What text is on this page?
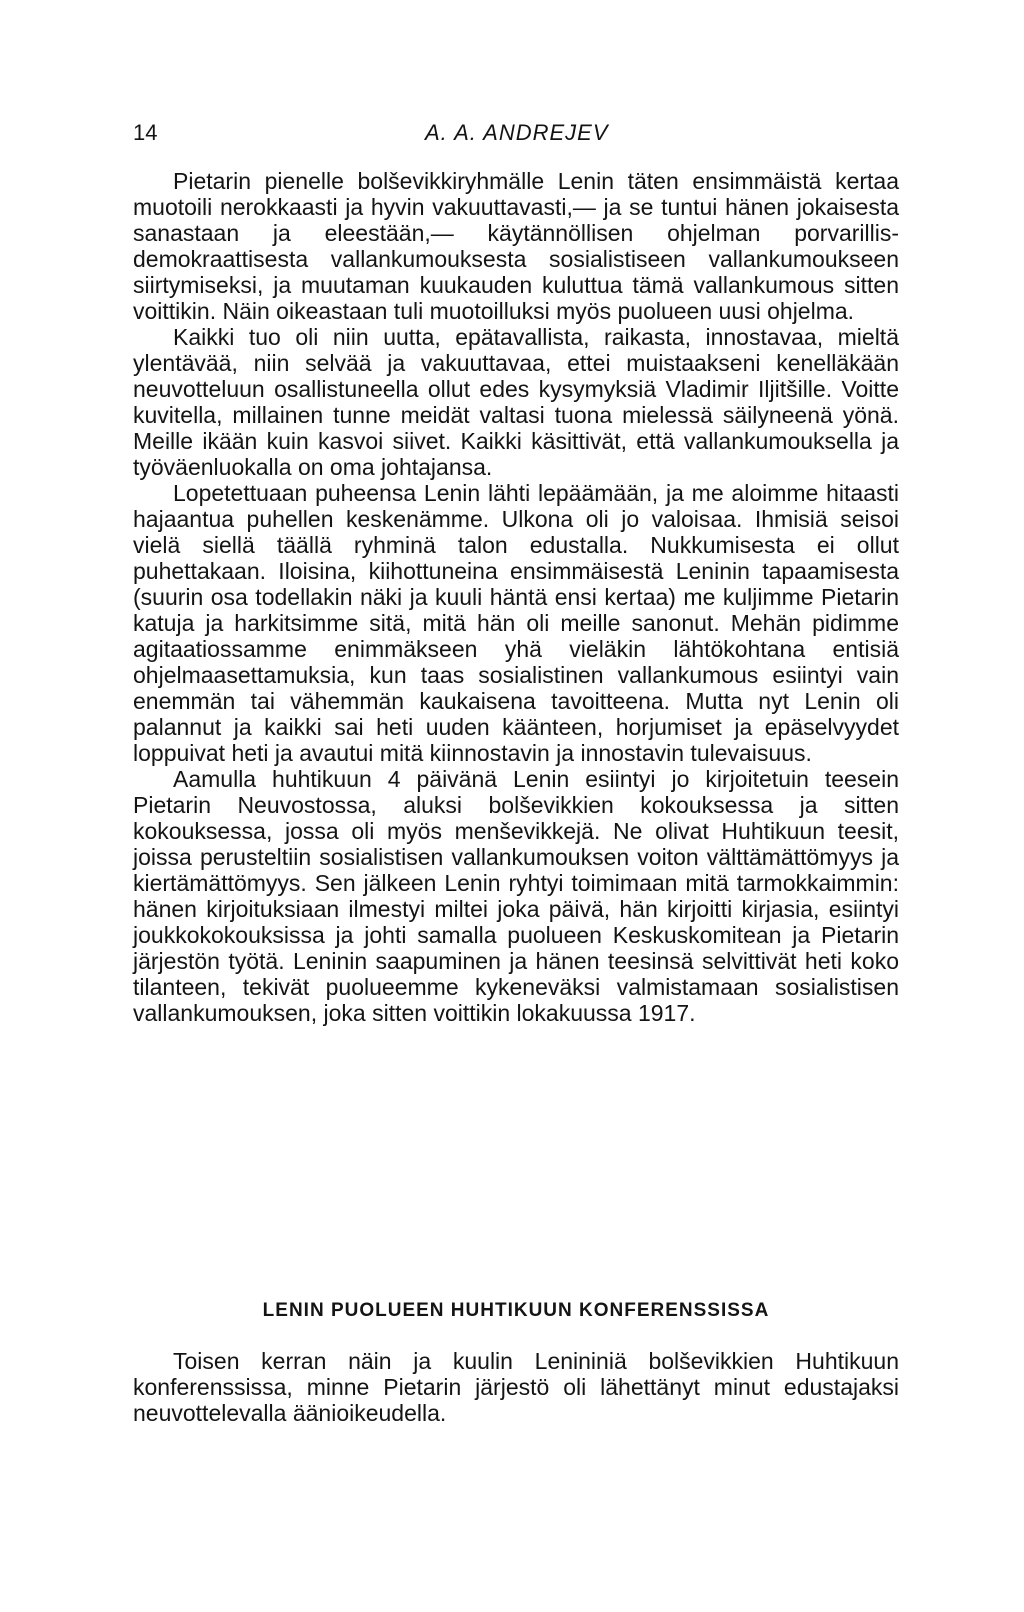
14	A. A. ANDREJEV

Pietarin pienelle bolševikkiryhmälle Lenin täten ensimmäistä kertaa muotoili nerokkaasti ja hyvin vakuuttavasti,— ja se tuntui hänen jokaisesta sanastaan ja eleestään,— käytännöllisen ohjelman porvarillis-demokraattisesta vallankumouksesta sosialistiseen vallankumoukseen siirtymiseksi, ja muutaman kuukauden kuluttua tämä vallankumous sitten voittikin. Näin oikeastaan tuli muotoilluksi myös puolueen uusi ohjelma.

Kaikki tuo oli niin uutta, epätavallista, raikasta, innostavaa, mieltä ylentävää, niin selvää ja vakuuttavaa, ettei muistaakseni kenelläkään neuvotteluun osallistuneella ollut edes kysymyksiä Vladimir Iljitšille. Voitte kuvitella, millainen tunne meidät valtasi tuona mielessä säilyneenä yönä. Meille ikään kuin kasvoi siivet. Kaikki käsittivät, että vallankumouksella ja työväenluokalla on oma johtajansa.

Lopetettuaan puheensa Lenin lähti lepäämään, ja me aloimme hitaasti hajaantua puhellen keskenämme. Ulkona oli jo valoisaa. Ihmisiä seisoi vielä siellä täällä ryhminä talon edustalla. Nukkumisesta ei ollut puhettakaan. Iloisina, kiihottuneina ensimmäisestä Leninin tapaamisesta (suurin osa todellakin näki ja kuuli häntä ensi kertaa) me kuljimme Pietarin katuja ja harkitsimme sitä, mitä hän oli meille sanonut. Mehän pidimme agitaatiossamme enimmäkseen yhä vieläkin lähtökohtana entisiä ohjelmaasettamuksia, kun taas sosialistinen vallankumous esiintyi vain enemmän tai vähemmän kaukaisena tavoitteena. Mutta nyt Lenin oli palannut ja kaikki sai heti uuden käänteen, horjumiset ja epäselvyydet loppuivat heti ja avautui mitä kiinnostavin ja innostavin tulevaisuus.

Aamulla huhtikuun 4 päivänä Lenin esiintyi jo kirjoitetuin teesein Pietarin Neuvostossa, aluksi bolševikkien kokouksessa ja sitten kokouksessa, jossa oli myös menševikkejä. Ne olivat Huhtikuun teesit, joissa perusteltiin sosialistisen vallankumouksen voiton välttämättömyys ja kiertämättömyys. Sen jälkeen Lenin ryhtyi toimimaan mitä tarmokkaimmin: hänen kirjoituksiaan ilmestyi miltei joka päivä, hän kirjoitti kirjasia, esiintyi joukkokokouksissa ja johti samalla puolueen Keskuskomitean ja Pietarin järjestön työtä. Leninin saapuminen ja hänen teesinsä selvittivät heti koko tilanteen, tekivät puolueemme kykeneväksi valmistamaan sosialistisen vallankumouksen, joka sitten voittikin lokakuussa 1917.

LENIN PUOLUEEN HUHTIKUUN KONFERENSSISSA

Toisen kerran näin ja kuulin Lenininiä bolševikkien Huhtikuun konferenssissa, minne Pietarin järjestö oli lähettänyt minut edustajaksi neuvottelevalla äänioikeudella.
